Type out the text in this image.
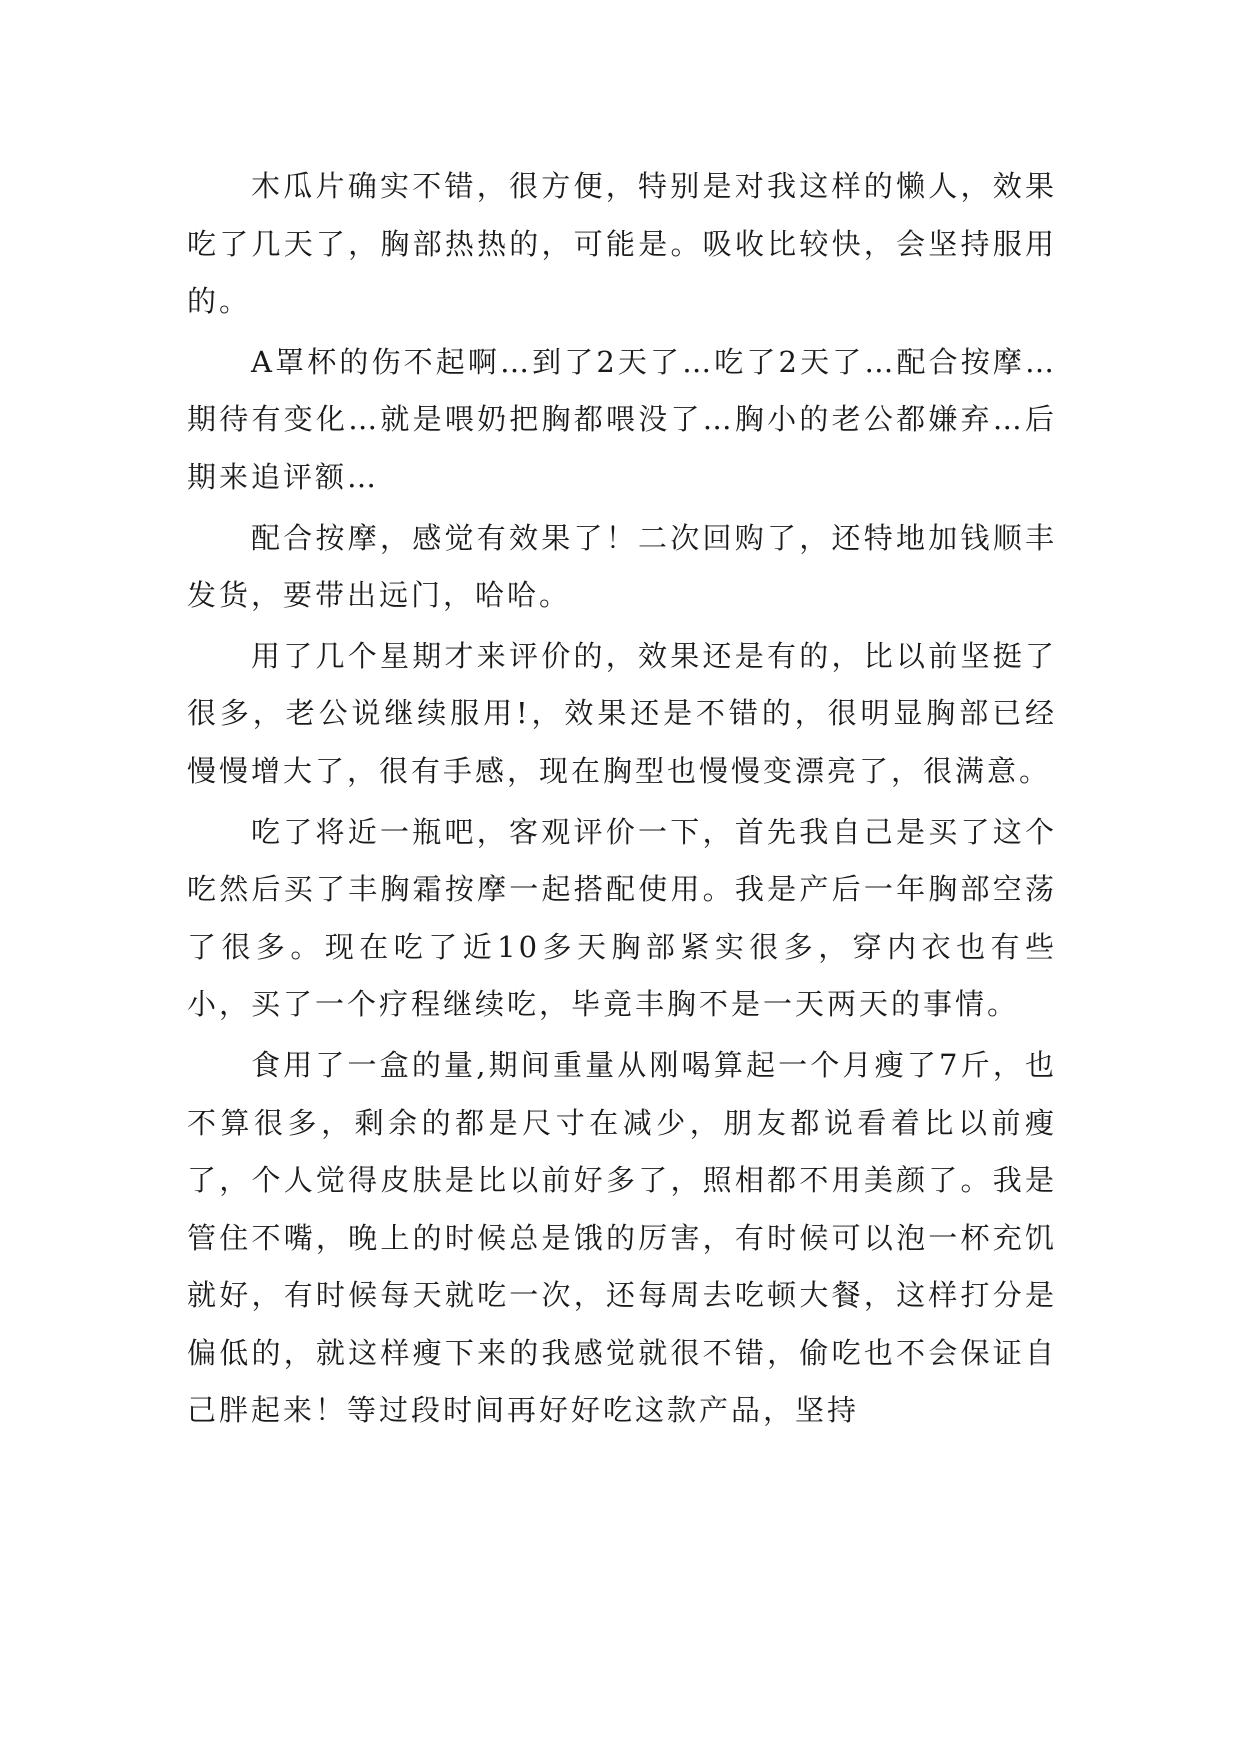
木瓜片确实不错，很方便，特别是对我这样的懒人，效果吃了几天了，胸部热热的，可能是。吸收比较快，会坚持服用的。

A罩杯的伤不起啊…到了2天了…吃了2天了…配合按摩…期待有变化…就是喂奶把胸都喂没了…胸小的老公都嫌弃…后期来追评额…

配合按摩，感觉有效果了！二次回购了，还特地加钱顺丰发货，要带出远门，哈哈。

用了几个星期才来评价的，效果还是有的，比以前坚挺了很多，老公说继续服用!，效果还是不错的，很明显胸部已经慢慢增大了，很有手感，现在胸型也慢慢变漂亮了，很满意。

吃了将近一瓶吧，客观评价一下，首先我自己是买了这个吃然后买了丰胸霜按摩一起搭配使用。我是产后一年胸部空荡了很多。现在吃了近10多天胸部紧实很多，穿内衣也有些小，买了一个疗程继续吃，毕竟丰胸不是一天两天的事情。

食用了一盒的量,期间重量从刚喝算起一个月瘦了7斤，也不算很多，剩余的都是尺寸在减少，朋友都说看着比以前瘦了，个人觉得皮肤是比以前好多了，照相都不用美颜了。我是管住不嘴，晚上的时候总是饿的厉害，有时候可以泡一杯充饥就好，有时候每天就吃一次，还每周去吃顿大餐，这样打分是偏低的，就这样瘦下来的我感觉就很不错，偷吃也不会保证自己胖起来！等过段时间再好好吃这款产品，坚持
